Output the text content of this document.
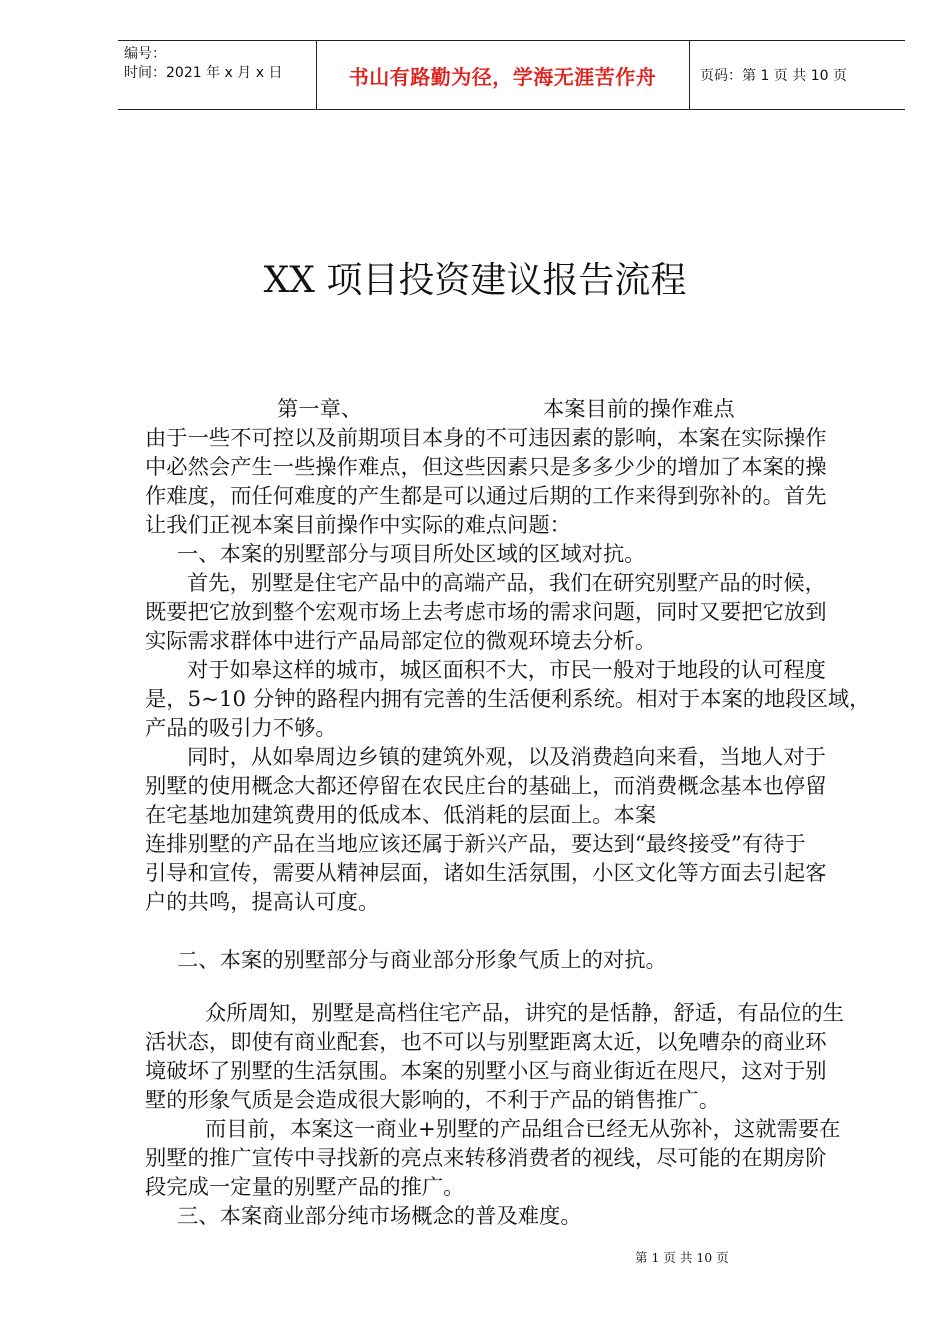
编号：
时间：2021 年 x 月 x 日	书山有路勤为径，学海无涯苦作舟	页码：第 1 页 共 10 页
XX 项目投资建议报告流程
第一章、	本案目前的操作难点
由于一些不可控以及前期项目本身的不可违因素的影响，本案在实际操作
中必然会产生一些操作难点，但这些因素只是多多少少的增加了本案的操
作难度，而任何难度的产生都是可以通过后期的工作来得到弥补的。首先
让我们正视本案目前操作中实际的难点问题：
一、本案的别墅部分与项目所处区域的区域对抗。
首先，别墅是住宅产品中的高端产品，我们在研究别墅产品的时候，
既要把它放到整个宏观市场上去考虑市场的需求问题，同时又要把它放到
实际需求群体中进行产品局部定位的微观环境去分析。
对于如皋这样的城市，城区面积不大，市民一般对于地段的认可程度
是，5~10 分钟的路程内拥有完善的生活便利系统。相对于本案的地段区域，
产品的吸引力不够。
同时，从如皋周边乡镇的建筑外观，以及消费趋向来看，当地人对于
别墅的使用概念大都还停留在农民庄台的基础上，而消费概念基本也停留
在宅基地加建筑费用的低成本、低消耗的层面上。本案
连排别墅的产品在当地应该还属于新兴产品，要达到“最终接受”有待于
引导和宣传，需要从精神层面，诸如生活氛围，小区文化等方面去引起客
户的共鸣，提高认可度。
二、本案的别墅部分与商业部分形象气质上的对抗。
众所周知，别墅是高档住宅产品，讲究的是恬静，舒适，有品位的生
活状态，即使有商业配套，也不可以与别墅距离太近，以免嘈杂的商业环
境破坏了别墅的生活氛围。本案的别墅小区与商业街近在咫尺，这对于别
墅的形象气质是会造成很大影响的，不利于产品的销售推广。
而目前，本案这一商业+别墅的产品组合已经无从弥补，这就需要在
别墅的推广宣传中寻找新的亮点来转移消费者的视线，尽可能的在期房阶
段完成一定量的别墅产品的推广。
三、本案商业部分纯市场概念的普及难度。
第 1 页 共 10 页
